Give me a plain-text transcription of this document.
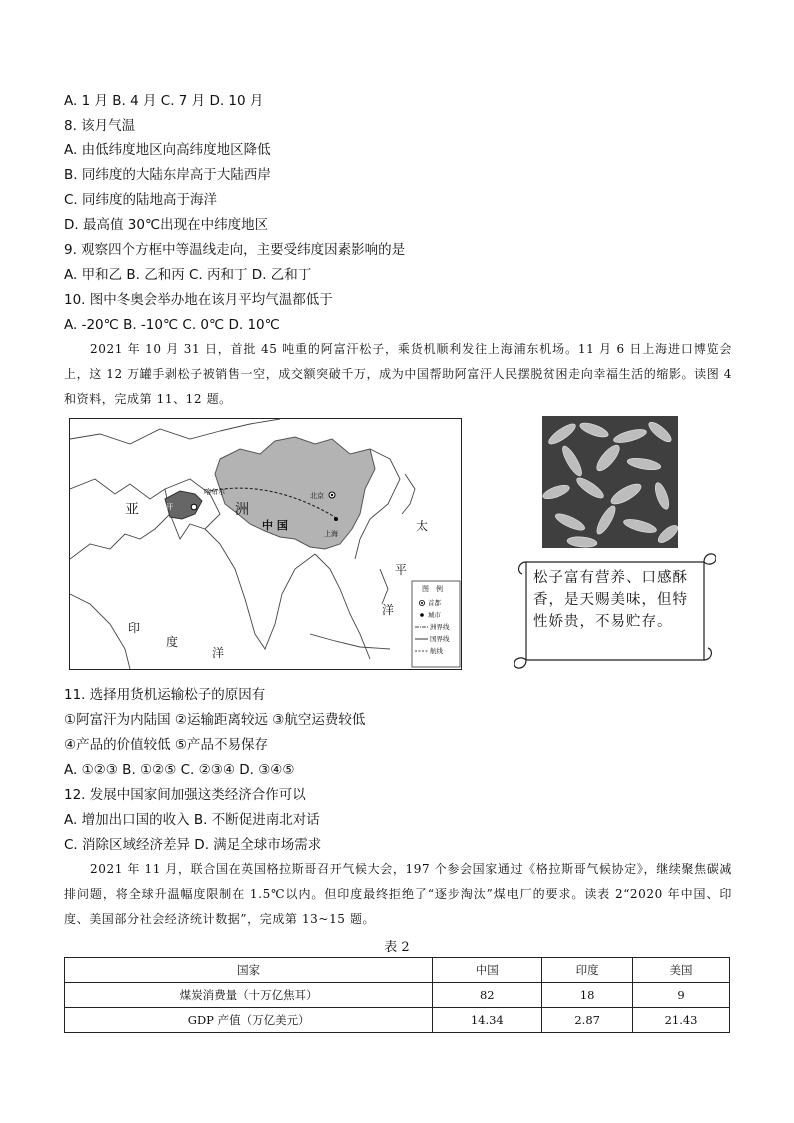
A. 1 月 B. 4 月 C. 7 月 D. 10 月
8. 该月气温
A. 由低纬度地区向高纬度地区降低
B. 同纬度的大陆东岸高于大陆西岸
C. 同纬度的陆地高于海洋
D. 最高值 30℃出现在中纬度地区
9. 观察四个方框中等温线走向，主要受纬度因素影响的是
A. 甲和乙 B. 乙和丙 C. 丙和丁 D. 乙和丁
10. 图中冬奥会举办地在该月平均气温都低于
A. -20℃ B. -10℃ C. 0℃ D. 10℃
2021 年 10 月 31 日，首批 45 吨重的阿富汗松子，乘货机顺利发往上海浦东机场。11 月 6 日上海进口博览会上，这 12 万罐手剥松子被销售一空，成交额突破千万，成为中国帮助阿富汗人民摆脱贫困走向幸福生活的缩影。读图 4 和资料，完成第 11、12 题。
亚	洲
中 国
阿富汗
喀布尔	北京
上海
太
平
洋
印
度
洋
图　例
首都
城市
洲界线
国界线
航线
松子富有营养、口感酥香，是天赐美味，但特性娇贵，不易贮存。
11. 选择用货机运输松子的原因有
①阿富汗为内陆国 ②运输距离较远 ③航空运费较低
④产品的价值较低 ⑤产品不易保存
A. ①②③ B. ①②⑤ C. ②③④ D. ③④⑤
12. 发展中国家间加强这类经济合作可以
A. 增加出口国的收入 B. 不断促进南北对话
C. 消除区域经济差异 D. 满足全球市场需求
2021 年 11 月，联合国在英国格拉斯哥召开气候大会，197 个参会国家通过《格拉斯哥气候协定》，继续聚焦碳减排问题，将全球升温幅度限制在 1.5℃以内。但印度最终拒绝了“逐步淘汰”煤电厂的要求。读表 2“2020 年中国、印度、美国部分社会经济统计数据”，完成第 13~15 题。
表 2
国家	中国	印度	美国
煤炭消费量（十万亿焦耳）	82	18	9
GDP 产值（万亿美元）	14.34	2.87	21.43
